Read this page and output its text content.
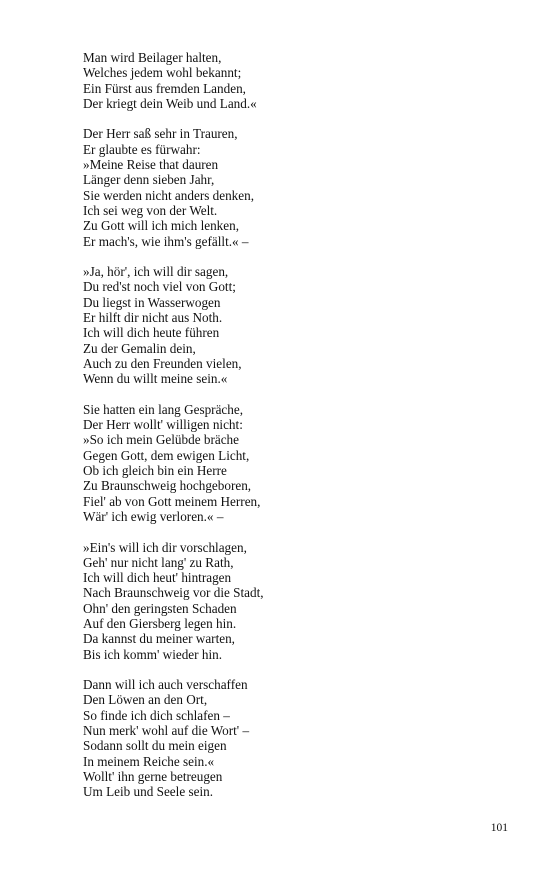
Man wird Beilager halten,
Welches jedem wohl bekannt;
Ein Fürst aus fremden Landen,
Der kriegt dein Weib und Land.«
Der Herr saß sehr in Trauren,
Er glaubte es fürwahr:
»Meine Reise that dauren
Länger denn sieben Jahr,
Sie werden nicht anders denken,
Ich sei weg von der Welt.
Zu Gott will ich mich lenken,
Er mach's, wie ihm's gefällt.« –
»Ja, hör', ich will dir sagen,
Du red'st noch viel von Gott;
Du liegst in Wasserwogen
Er hilft dir nicht aus Noth.
Ich will dich heute führen
Zu der Gemalin dein,
Auch zu den Freunden vielen,
Wenn du willt meine sein.«
Sie hatten ein lang Gespräche,
Der Herr wollt' willigen nicht:
»So ich mein Gelübde bräche
Gegen Gott, dem ewigen Licht,
Ob ich gleich bin ein Herre
Zu Braunschweig hochgeboren,
Fiel' ab von Gott meinem Herren,
Wär' ich ewig verloren.« –
»Ein's will ich dir vorschlagen,
Geh' nur nicht lang' zu Rath,
Ich will dich heut' hintragen
Nach Braunschweig vor die Stadt,
Ohn' den geringsten Schaden
Auf den Giersberg legen hin.
Da kannst du meiner warten,
Bis ich komm' wieder hin.
Dann will ich auch verschaffen
Den Löwen an den Ort,
So finde ich dich schlafen –
Nun merk' wohl auf die Wort' –
Sodann sollt du mein eigen
In meinem Reiche sein.«
Wollt' ihn gerne betreugen
Um Leib und Seele sein.
101
